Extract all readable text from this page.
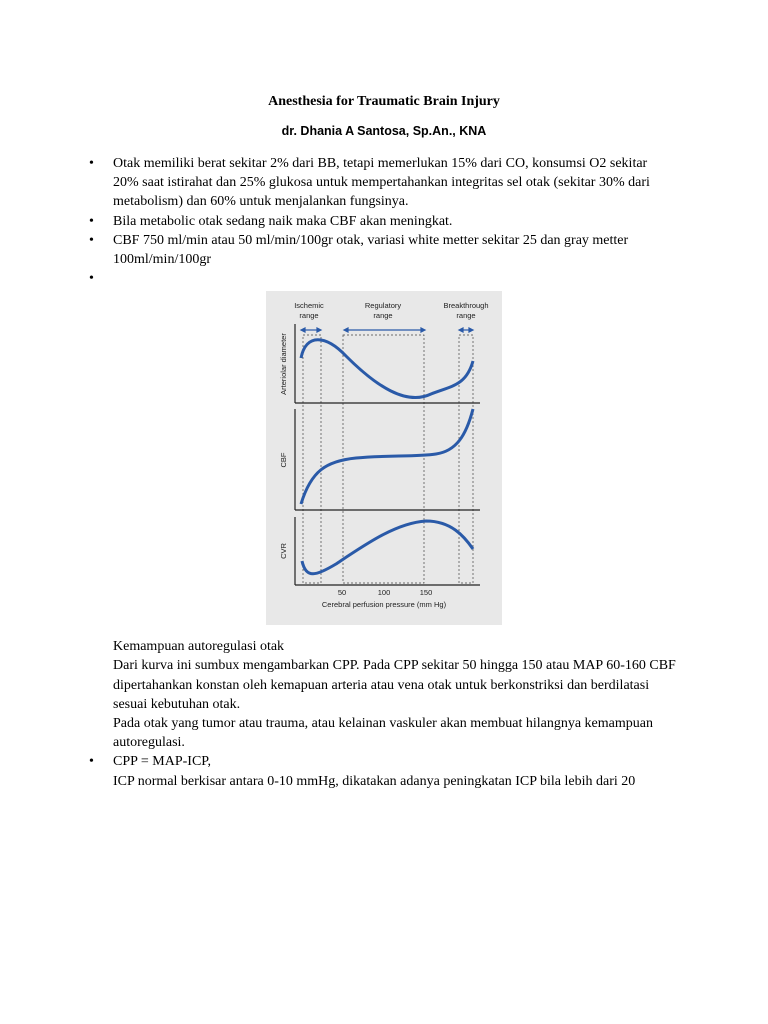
Anesthesia for Traumatic Brain Injury
dr. Dhania A Santosa, Sp.An., KNA
• Otak memiliki berat sekitar 2% dari BB, tetapi memerlukan 15% dari CO, konsumsi O2 sekitar 20% saat istirahat dan 25% glukosa untuk mempertahankan integritas sel otak (sekitar 30% dari metabolism) dan 60% untuk menjalankan fungsinya.
• Bila metabolic otak sedang naik maka CBF akan meningkat.
• CBF 750 ml/min atau 50 ml/min/100gr otak, variasi white metter sekitar 25 dan gray metter 100ml/min/100gr
•
Kemampuan autoregulasi otak
Dari kurva ini sumbux mengambarkan CPP. Pada CPP sekitar 50 hingga 150 atau MAP 60-160 CBF dipertahankan konstan oleh kemapuan arteria atau vena otak untuk berkonstriksi dan berdilatasi sesuai kebutuhan otak.
Pada otak yang tumor atau trauma, atau kelainan vaskuler akan membuat hilangnya kemampuan autoregulasi.
• CPP = MAP-ICP,
ICP normal berkisar antara 0-10 mmHg, dikatakan adanya peningkatan ICP bila lebih dari 20
Ischemic
range
Regulatory
range
Breakthrough
range
Arteriolar diameter
CBF
CVR
50	100	150
Cerebral perfusion pressure (mm Hg)
